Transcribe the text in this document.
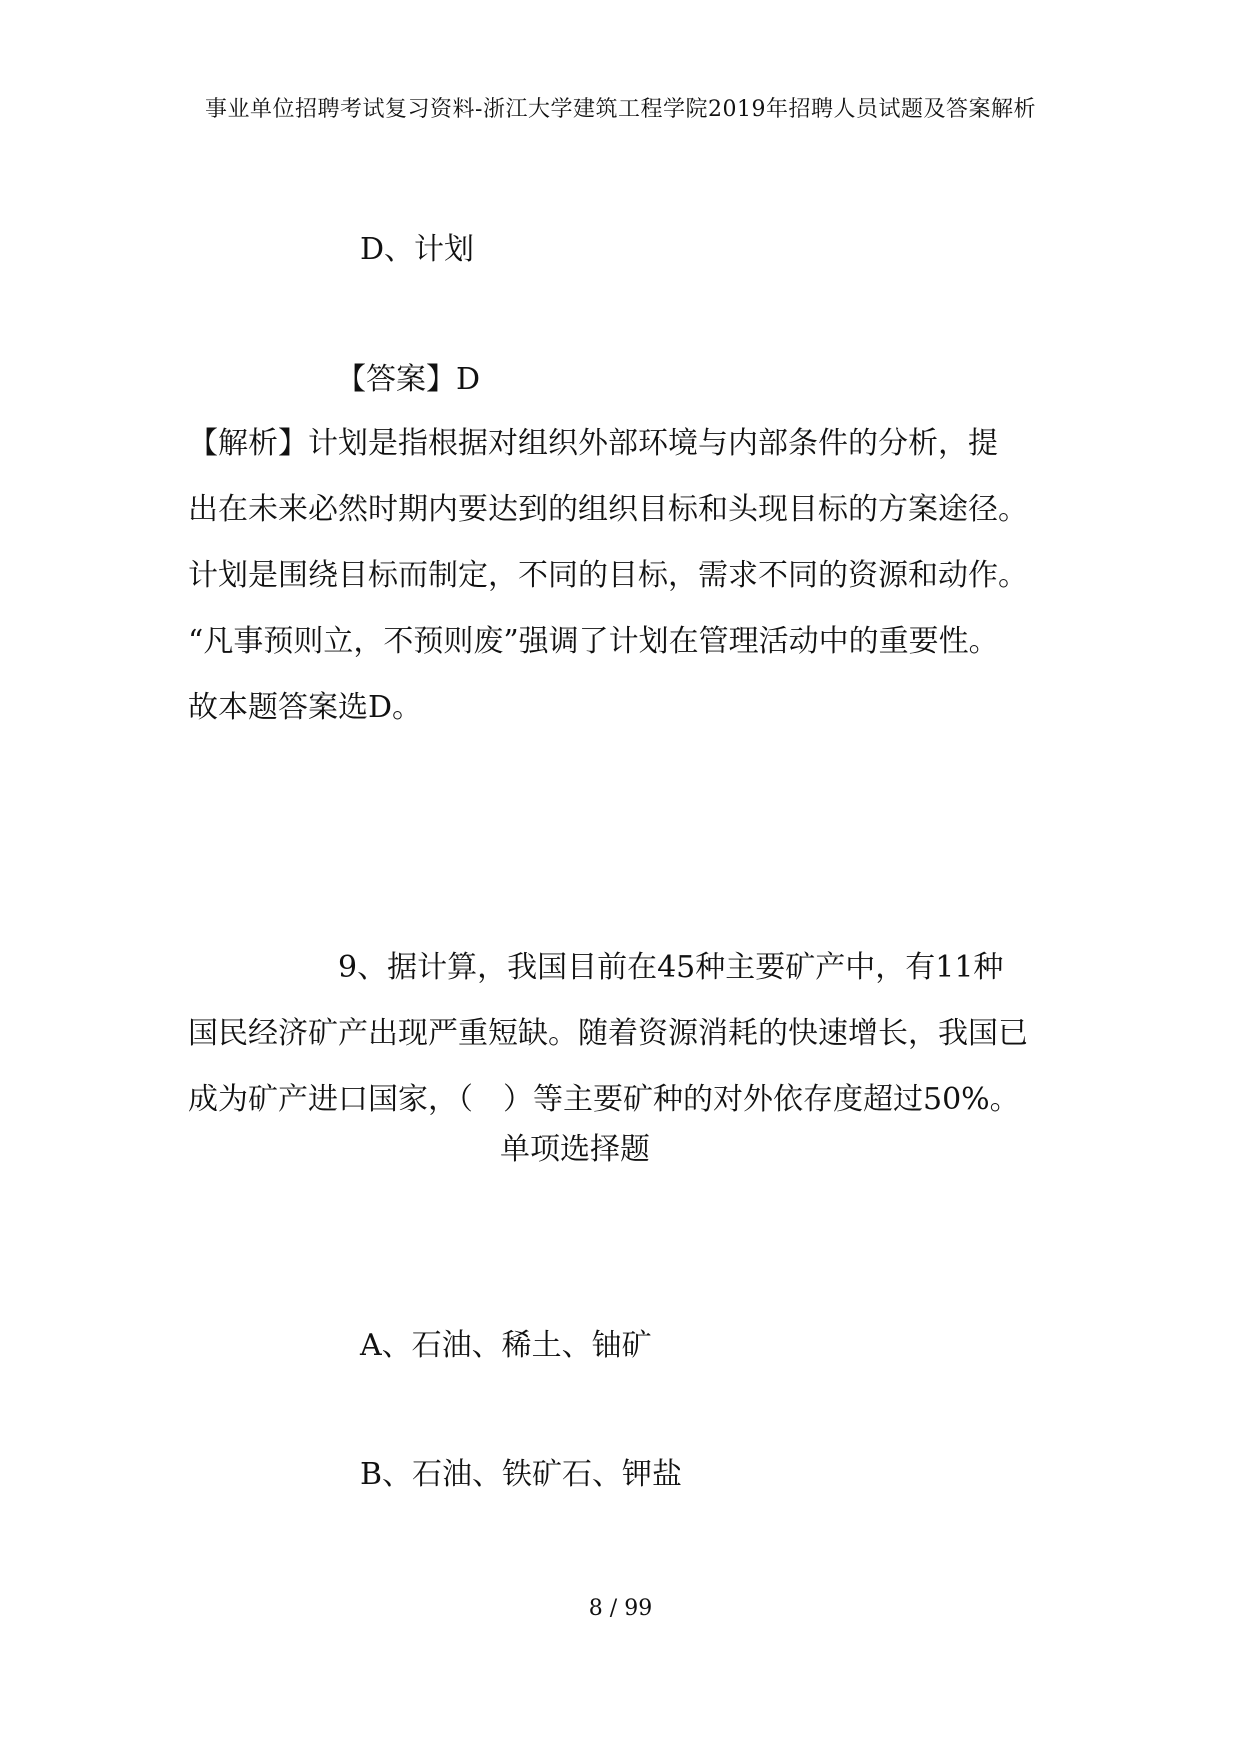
事业单位招聘考试复习资料-浙江大学建筑工程学院2019年招聘人员试题及答案解析
D、计划
【答案】D

【解析】计划是指根据对组织外部环境与内部条件的分析，提

出在未来必然时期内要达到的组织目标和头现目标的方案途径。

计划是围绕目标而制定，不同的目标，需求不同的资源和动作。

“凡事预则立，不预则废”强调了计划在管理活动中的重要性。

故本题答案选D。

9、据计算，我国目前在45种主要矿产中，有11种

国民经济矿产出现严重短缺。随着资源消耗的快速增长，我国已

成为矿产进口国家，（　）等主要矿种的对外依存度超过50%。

单项选择题
A、石油、稀土、铀矿
B、石油、铁矿石、钾盐
8 / 99
